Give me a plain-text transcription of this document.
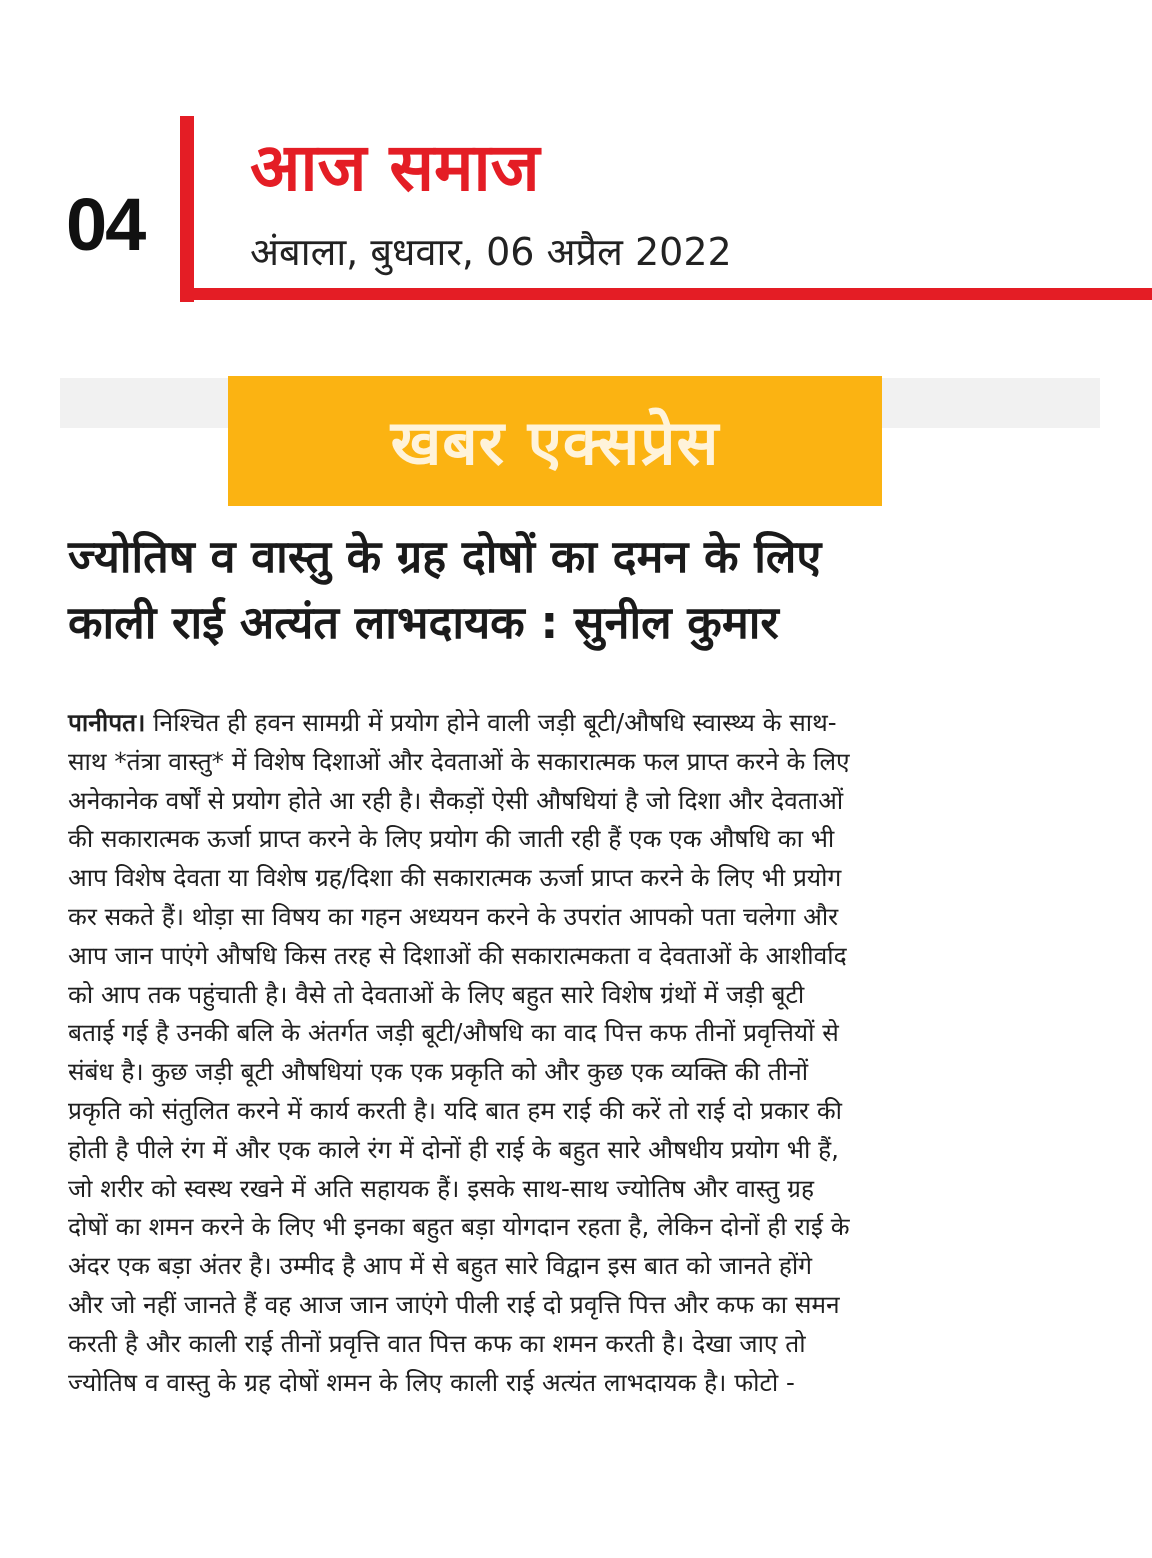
04
आज समाज
अंबाला, बुधवार, 06 अप्रैल 2022
खबर एक्सप्रेस
ज्योतिष व वास्तु के ग्रह दोषों का दमन के लिए
काली राई अत्यंत लाभदायक : सुनील कुमार
पानीपत। निश्चित ही हवन सामग्री में प्रयोग होने वाली जड़ी बूटी/औषधि स्वास्थ्य के साथ-
साथ *तंत्रा वास्तु* में विशेष दिशाओं और देवताओं के सकारात्मक फल प्राप्त करने के लिए
अनेकानेक वर्षों से प्रयोग होते आ रही है। सैकड़ों ऐसी औषधियां है जो दिशा और देवताओं
की सकारात्मक ऊर्जा प्राप्त करने के लिए प्रयोग की जाती रही हैं एक एक औषधि का भी
आप विशेष देवता या विशेष ग्रह/दिशा की सकारात्मक ऊर्जा प्राप्त करने के लिए भी प्रयोग
कर सकते हैं। थोड़ा सा विषय का गहन अध्ययन करने के उपरांत आपको पता चलेगा और
आप जान पाएंगे औषधि किस तरह से दिशाओं की सकारात्मकता व देवताओं के आशीर्वाद
को आप तक पहुंचाती है। वैसे तो देवताओं के लिए बहुत सारे विशेष ग्रंथों में जड़ी बूटी
बताई गई है उनकी बलि के अंतर्गत जड़ी बूटी/औषधि का वाद पित्त कफ तीनों प्रवृत्तियों से
संबंध है। कुछ जड़ी बूटी औषधियां एक एक प्रकृति को और कुछ एक व्यक्ति की तीनों
प्रकृति को संतुलित करने में कार्य करती है। यदि बात हम राई की करें तो राई दो प्रकार की
होती है पीले रंग में और एक काले रंग में दोनों ही राई के बहुत सारे औषधीय प्रयोग भी हैं,
जो शरीर को स्वस्थ रखने में अति सहायक हैं। इसके साथ-साथ ज्योतिष और वास्तु ग्रह
दोषों का शमन करने के लिए भी इनका बहुत बड़ा योगदान रहता है, लेकिन दोनों ही राई के
अंदर एक बड़ा अंतर है। उम्मीद है आप में से बहुत सारे विद्वान इस बात को जानते होंगे
और जो नहीं जानते हैं वह आज जान जाएंगे पीली राई दो प्रवृत्ति पित्त और कफ का समन
करती है और काली राई तीनों प्रवृत्ति वात पित्त कफ का शमन करती है। देखा जाए तो
ज्योतिष व वास्तु के ग्रह दोषों शमन के लिए काली राई अत्यंत लाभदायक है। फोटो -
